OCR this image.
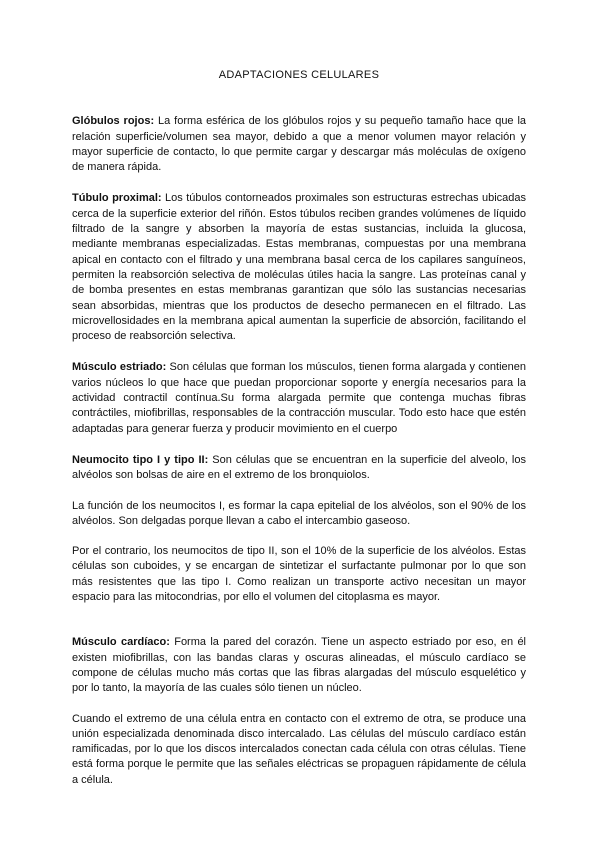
ADAPTACIONES CELULARES

Glóbulos rojos: La forma esférica de los glóbulos rojos y su pequeño tamaño hace que la relación superficie/volumen sea mayor, debido a que a menor volumen mayor relación y mayor superficie de contacto, lo que permite cargar y descargar más moléculas de oxígeno de manera rápida.

Túbulo proximal: Los túbulos contorneados proximales son estructuras estrechas ubicadas cerca de la superficie exterior del riñón. Estos túbulos reciben grandes volúmenes de líquido filtrado de la sangre y absorben la mayoría de estas sustancias, incluida la glucosa, mediante membranas especializadas. Estas membranas, compuestas por una membrana apical en contacto con el filtrado y una membrana basal cerca de los capilares sanguíneos, permiten la reabsorción selectiva de moléculas útiles hacia la sangre. Las proteínas canal y de bomba presentes en estas membranas garantizan que sólo las sustancias necesarias sean absorbidas, mientras que los productos de desecho permanecen en el filtrado. Las microvellosidades en la membrana apical aumentan la superficie de absorción, facilitando el proceso de reabsorción selectiva.

Músculo estriado: Son células que forman los músculos, tienen forma alargada y contienen varios núcleos lo que hace que puedan proporcionar soporte y energía necesarios para la actividad contractil contínua.Su forma alargada permite que contenga muchas fibras contráctiles, miofibrillas, responsables de la contracción muscular. Todo esto hace que estén adaptadas para generar fuerza y producir movimiento en el cuerpo

Neumocito tipo I y tipo II: Son células que se encuentran en la superficie del alveolo, los alvéolos son bolsas de aire en el extremo de los bronquiolos.

La función de los neumocitos I, es formar la capa epitelial de los alvéolos, son el 90% de los alvéolos. Son delgadas porque llevan a cabo el intercambio gaseoso.

Por el contrario, los neumocitos de tipo II, son el 10% de la superficie de los alvéolos. Estas células son cuboides, y se encargan de sintetizar el surfactante pulmonar por lo que son más resistentes que las tipo I. Como realizan un transporte activo necesitan un mayor espacio para las mitocondrias, por ello el volumen del citoplasma es mayor.

Músculo cardíaco: Forma la pared del corazón. Tiene un aspecto estriado por eso, en él existen miofibrillas, con las bandas claras y oscuras alineadas, el músculo cardíaco se compone de células mucho más cortas que las fibras alargadas del músculo esquelético y por lo tanto, la mayoría de las cuales sólo tienen un núcleo.

Cuando el extremo de una célula entra en contacto con el extremo de otra, se produce una unión especializada denominada disco intercalado. Las células del músculo cardíaco están ramificadas, por lo que los discos intercalados conectan cada célula con otras células. Tiene está forma porque le permite que las señales eléctricas se propaguen rápidamente de célula a célula.
